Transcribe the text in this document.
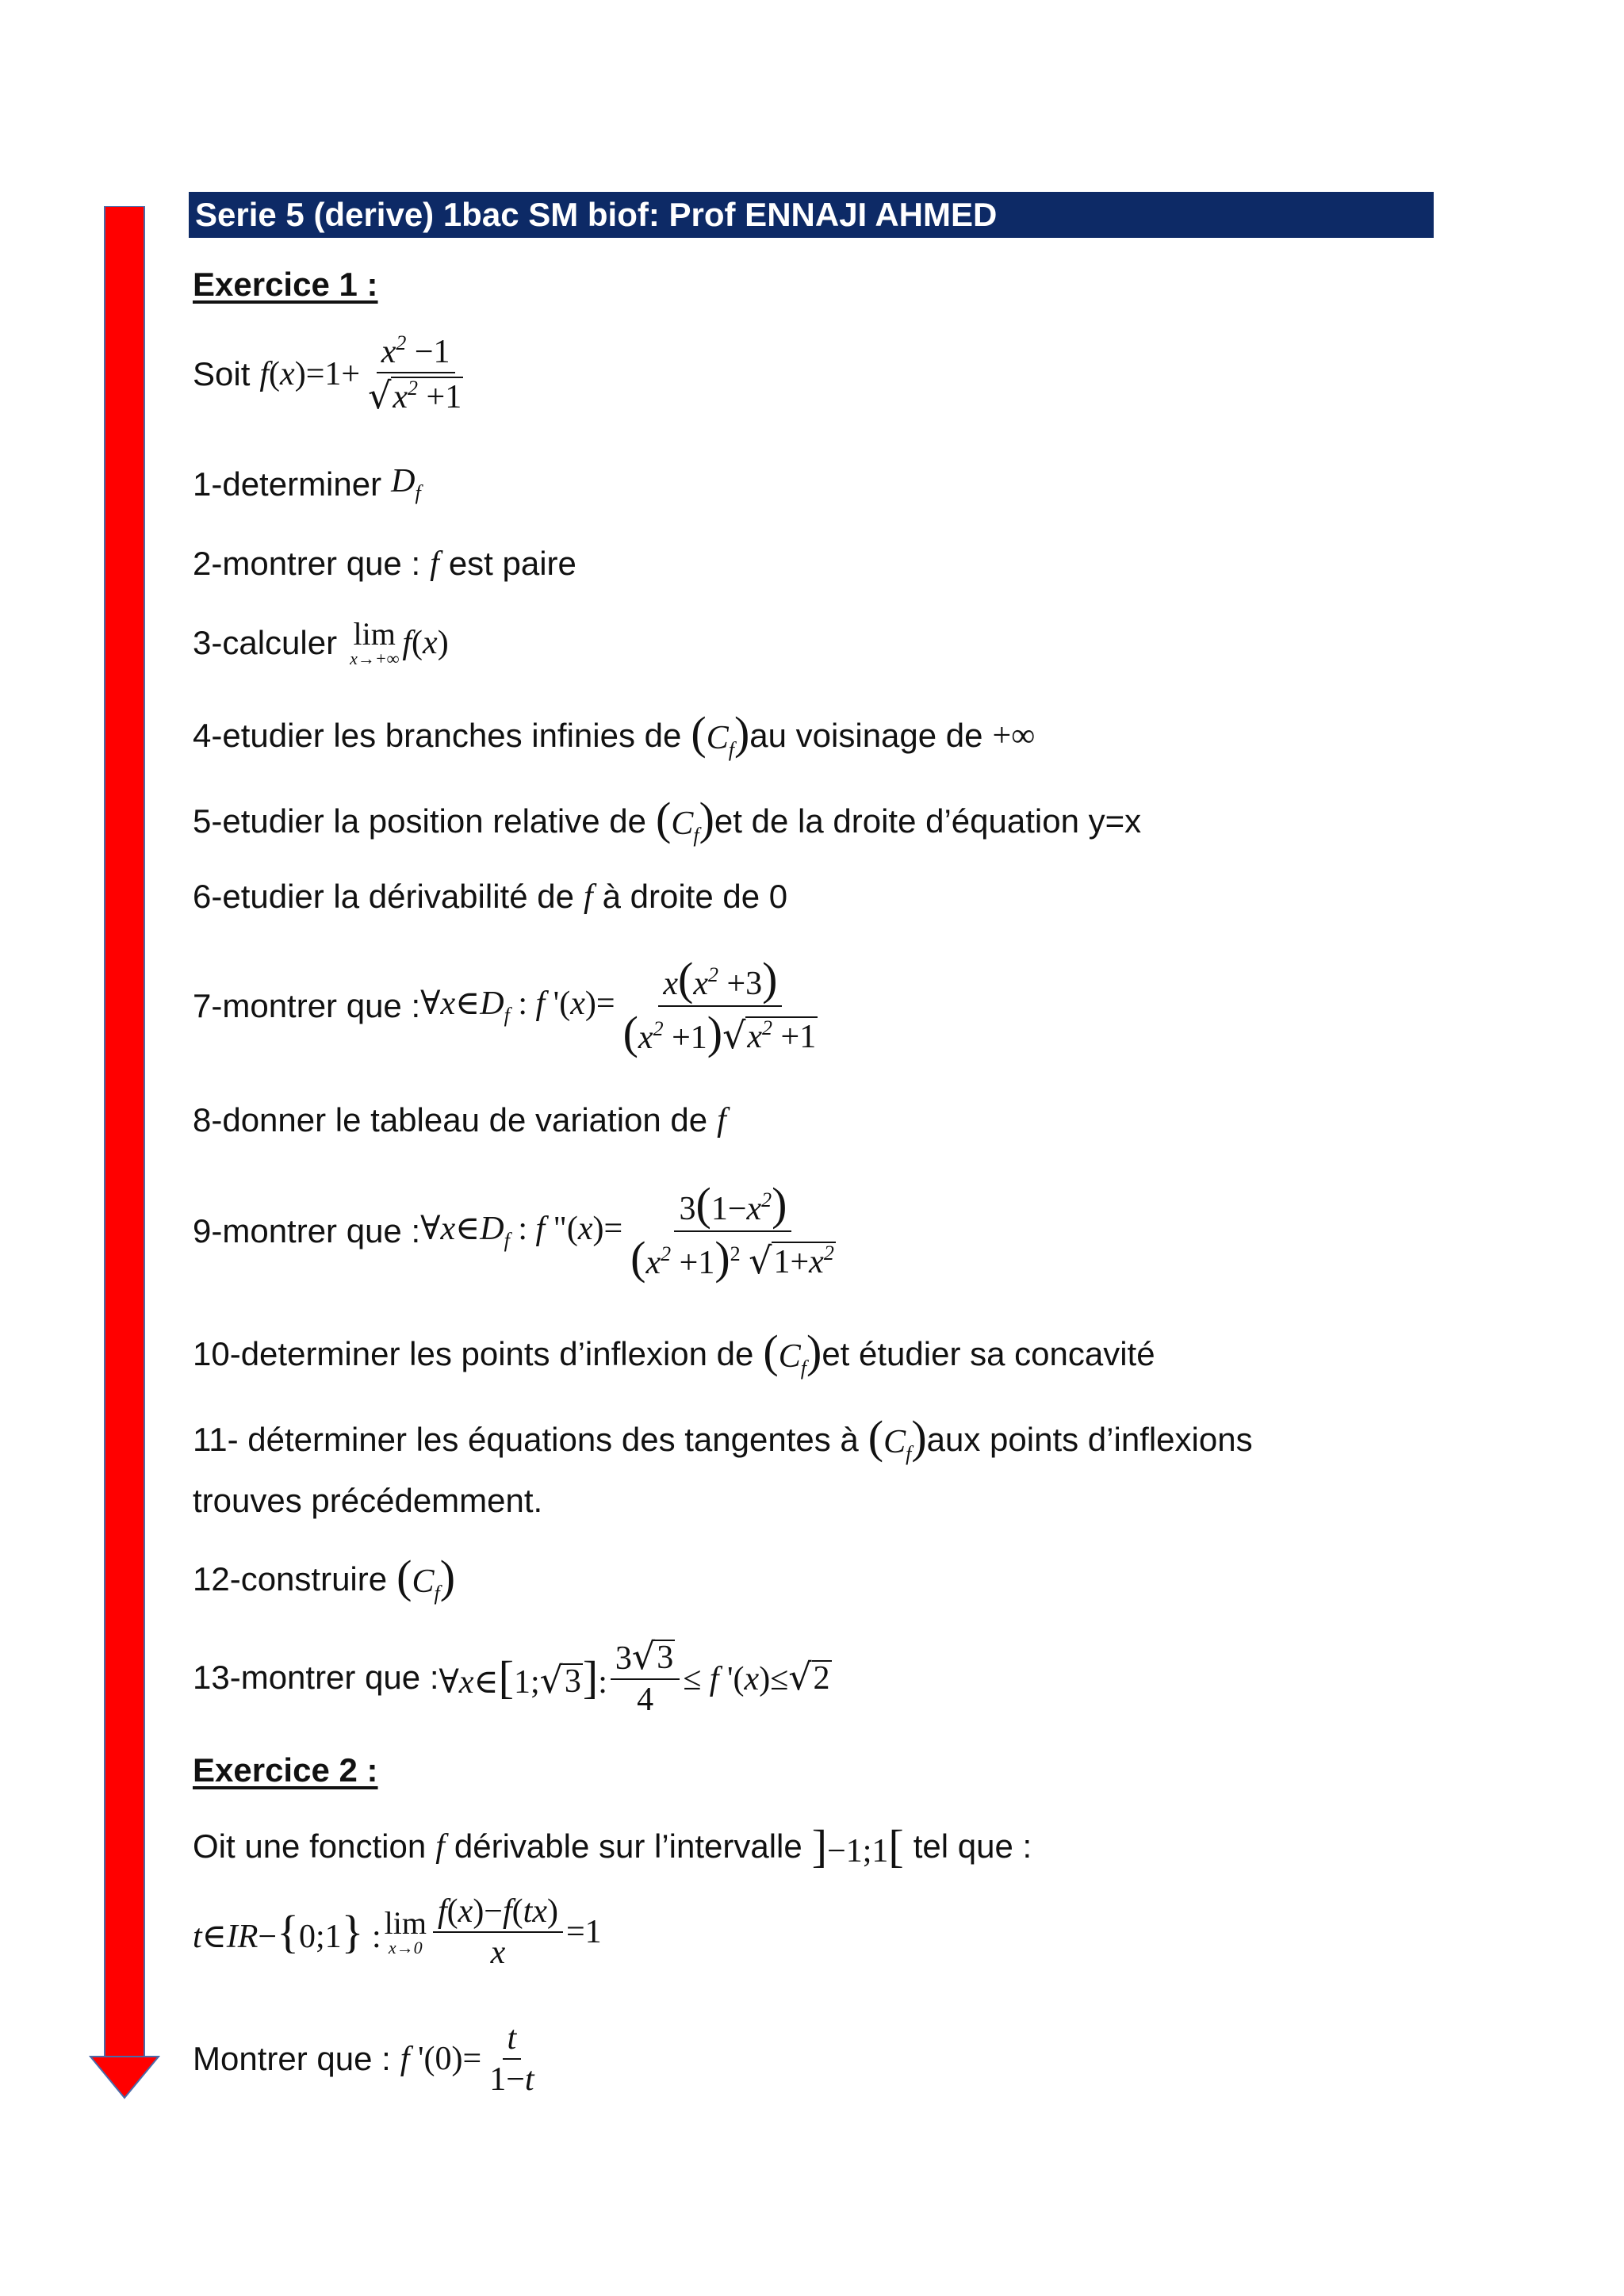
Serie 5 (derive) 1bac SM biof: Prof ENNAJI AHMED
Exercice 1 :
Soit $f(x)=1+ \frac{x^2 -1}{√ x^2 +1}$
1-determiner $D_f$
2-montrer que : f est paire
3-calculer lim
x→+∞ f(x)
4-etudier les branches infinies de $(C_f)$ au voisinage de +∞
5-etudier la position relative de $(C_f)$ et de la droite d’équation y=x
6-etudier la dérivabilité de f à droite de 0
7-montrer que : $\forall x\in D_f$ : f '$(x)= \frac{x(x^2 +3)}{(x^2 +1) √ x^2 +1}$
8-donner le tableau de variation de f
9-montrer que : $\forall x\in D_f$ : f "$(x)= \frac{3(1-x^2)}{(x^2 +1)^2 √ 1+x^2}$
10-determiner les points d’inflexion de $(C_f)$ et étudier sa concavité
11- déterminer les équations des tangentes à $(C_f)$ aux points d’inflexions
trouves précédemment.
12-construire $(C_f)$
13-montrer que : ∀x∈[1; √ 3 ]: $\frac{3 √ 3}{4} \le f$ '(x)≤ √ 2
Exercice 2 :
Oit une fonction f dérivable sur l’intervalle ]−1;1[ tel que :
t∈IR−{0;1} : lim
$x\to 0 \frac{f(x)-f(tx)}{x} =1$
Montrer que : f '$(0)= \frac{t}{1-t}$
